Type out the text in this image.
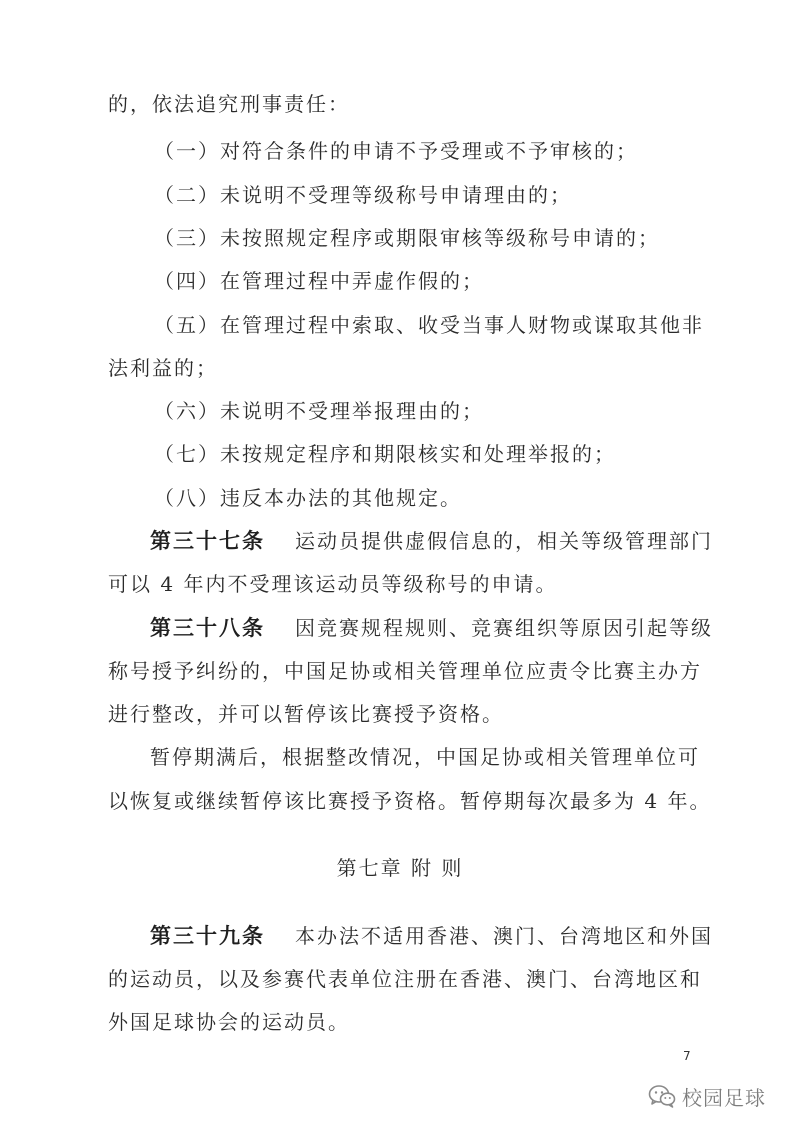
的，依法追究刑事责任：
（一）对符合条件的申请不予受理或不予审核的；
（二）未说明不受理等级称号申请理由的；
（三）未按照规定程序或期限审核等级称号申请的；
（四）在管理过程中弄虚作假的；
（五）在管理过程中索取、收受当事人财物或谋取其他非
法利益的；
（六）未说明不受理举报理由的；
（七）未按规定程序和期限核实和处理举报的；
（八）违反本办法的其他规定。
第三十七条 运动员提供虚假信息的，相关等级管理部门
可以 4 年内不受理该运动员等级称号的申请。
第三十八条 因竞赛规程规则、竞赛组织等原因引起等级
称号授予纠纷的，中国足协或相关管理单位应责令比赛主办方
进行整改，并可以暂停该比赛授予资格。
暂停期满后，根据整改情况，中国足协或相关管理单位可
以恢复或继续暂停该比赛授予资格。暂停期每次最多为 4 年。
第七章 附 则
第三十九条 本办法不适用香港、澳门、台湾地区和外国
的运动员，以及参赛代表单位注册在香港、澳门、台湾地区和
外国足球协会的运动员。
7
校园足球
